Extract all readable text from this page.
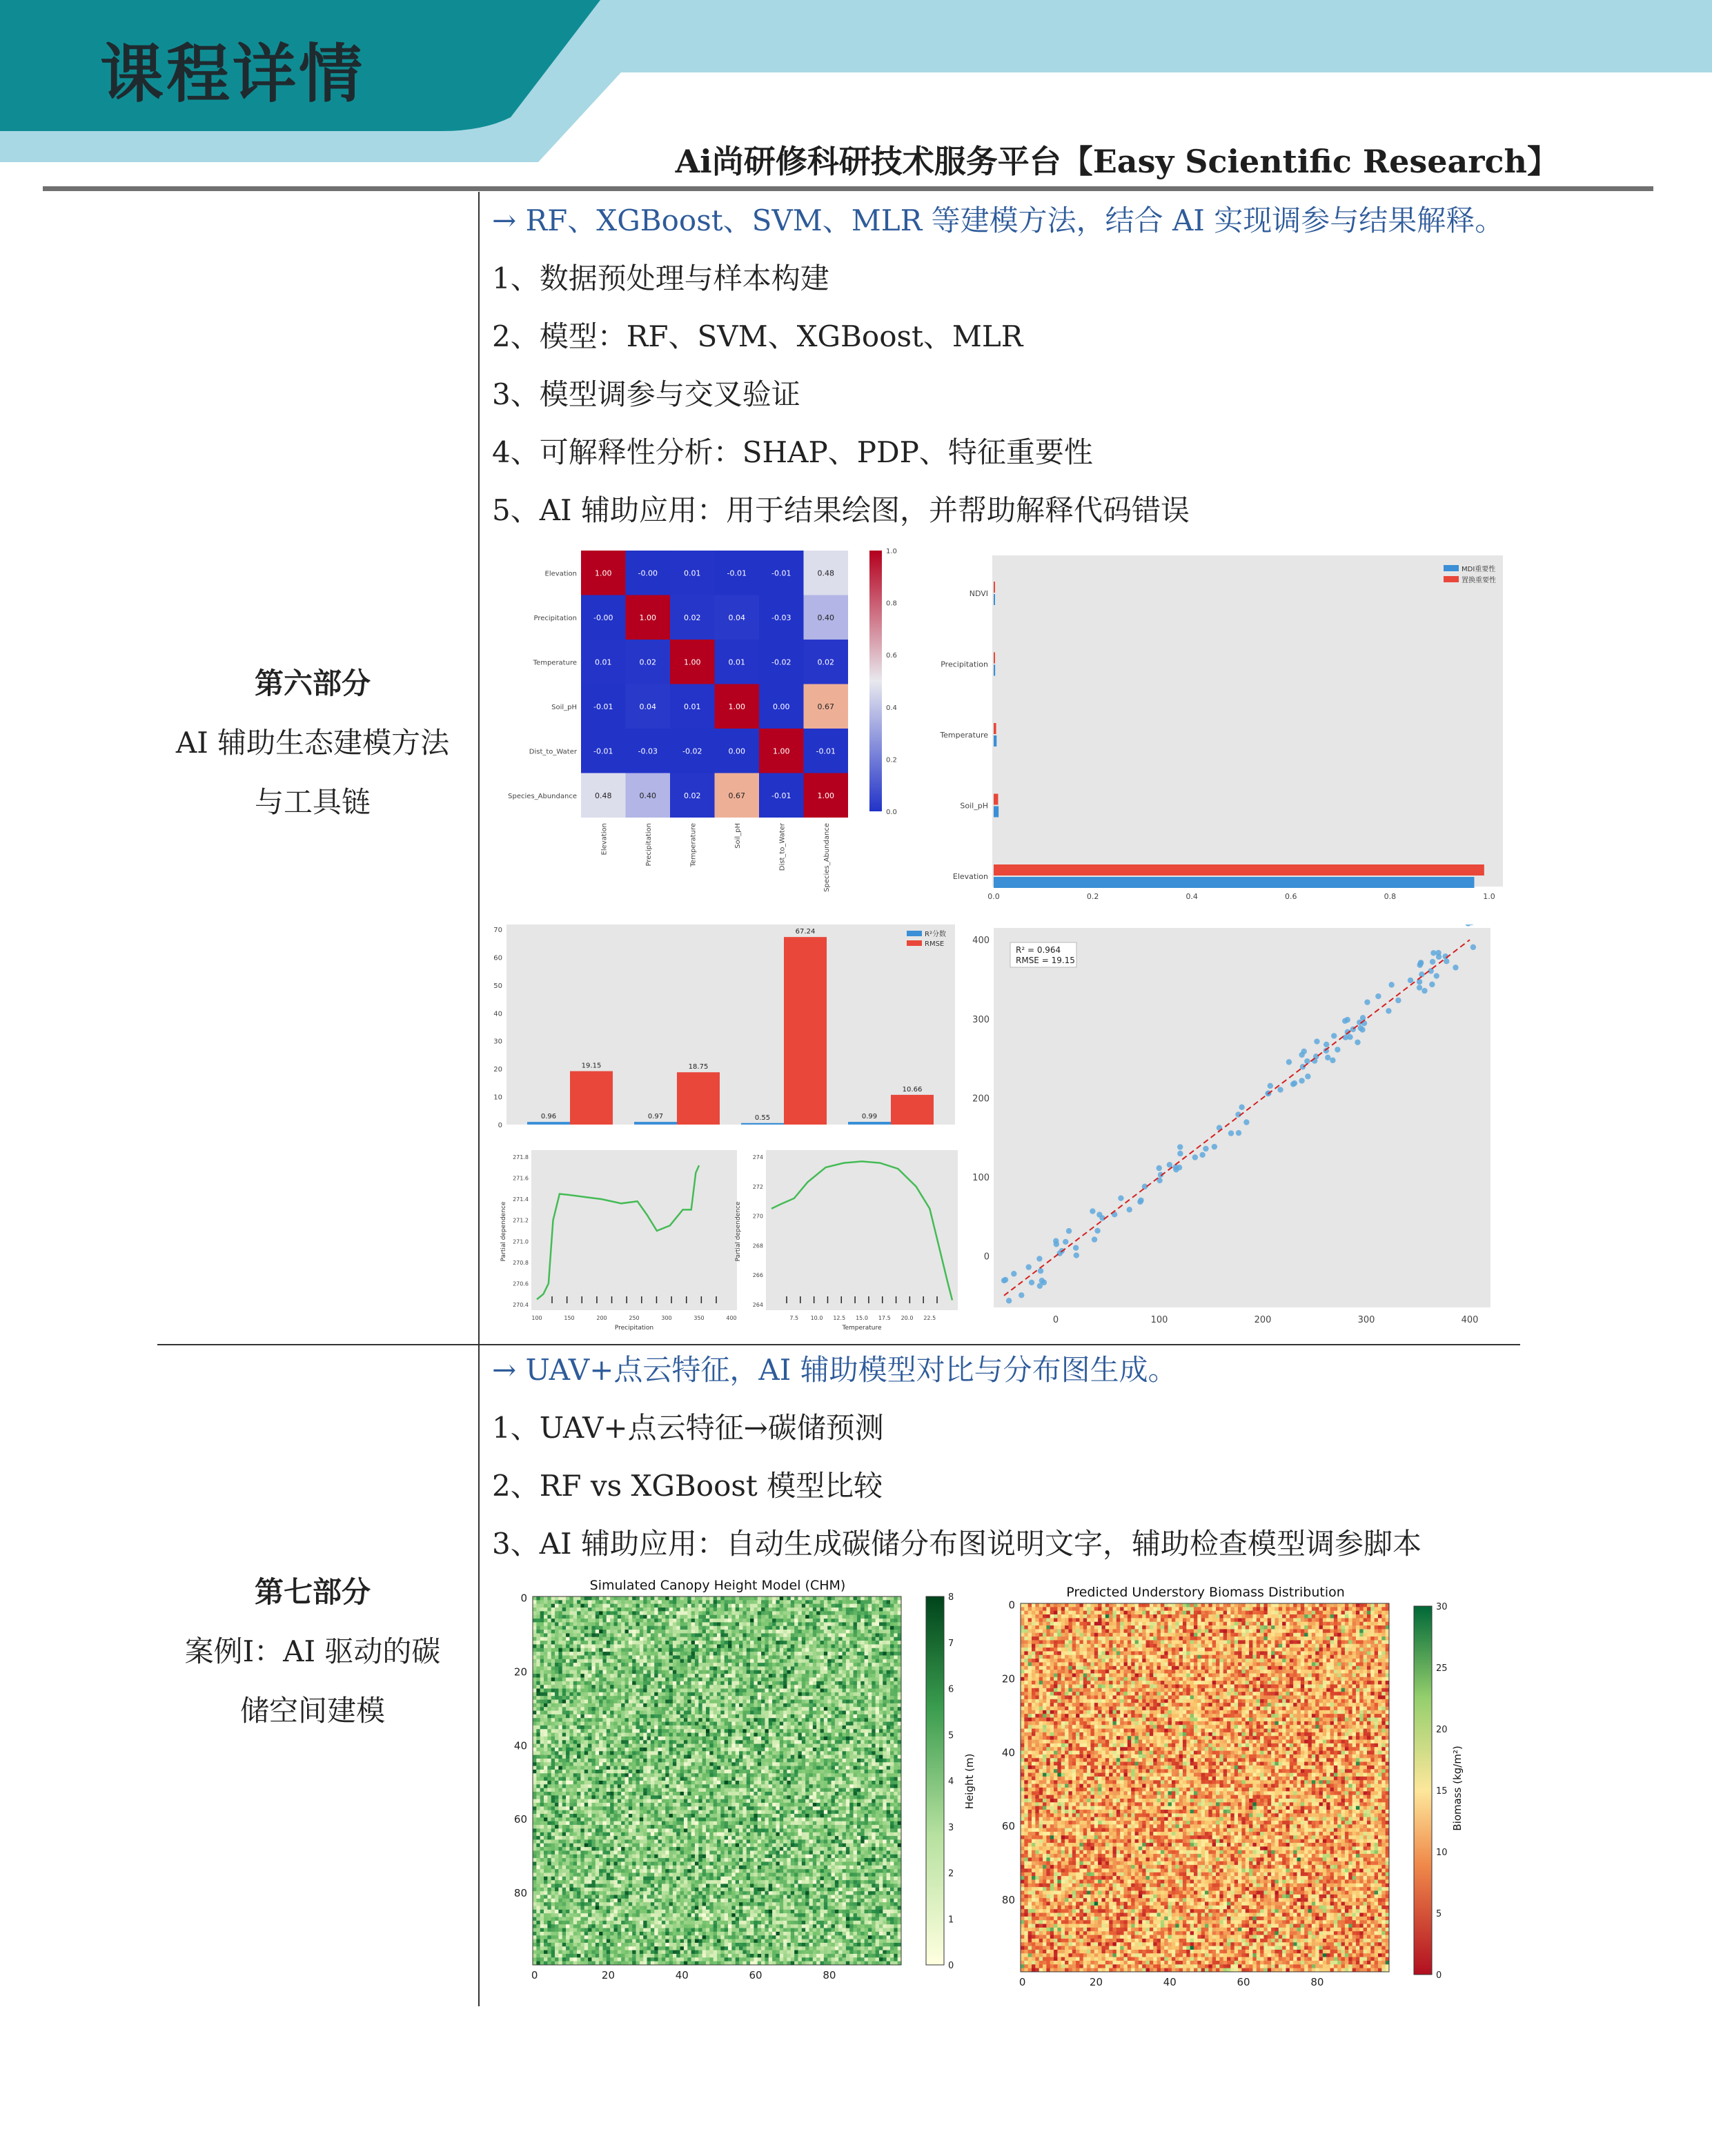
课程详情
Ai尚研修科研技术服务平台【Easy Scientific Research】
第六部分
AI 辅助生态建模方法
与工具链
→ RF、XGBoost、SVM、MLR 等建模方法，结合 AI 实现调参与结果解释。
1、数据预处理与样本构建
2、模型：RF、SVM、XGBoost、MLR
3、模型调参与交叉验证
4、可解释性分析：SHAP、PDP、特征重要性
5、AI 辅助应用：用于结果绘图，并帮助解释代码错误
1.00	-0.00	0.01	-0.01	-0.01	0.48
-0.00	1.00	0.02	0.04	-0.03	0.40
0.01	0.02	1.00	0.01	-0.02	0.02
-0.01	0.04	0.01	1.00	0.00	0.67
-0.01	-0.03	-0.02	0.00	1.00	-0.01
0.48	0.40	0.02	0.67	-0.01	1.00
Elevation
Precipitation
Temperature
Soil_pH
Dist_to_Water
Species_Abundance
Elevation	Precipitation	Temperature	Soil_pH	Dist_to_Water	Species_Abundance
1.0
0.8
0.6
0.4
0.2
0.0
NDVI
Precipitation
Temperature
Soil_pH
Elevation
0.0	0.2	0.4	0.6	0.8	1.0
MDI重要性
置换重要性
70
60
50
40
30
20
10
0
0.96
19.15
0.97
18.75
0.55
67.24
0.99
10.66
R²分数
RMSE
271.8
271.6
271.4
271.2
271.0
270.8
270.6
270.4
100	150	200	250	300	350	400
Precipitation
Partial dependence
274
272
270
268
266
264
7.5 10.0 12.5 15.0 17.5 20.0 22.5
Temperature
Partial dependence
0	100	200	300	400
400
300
200
100
0
R² = 0.964
RMSE = 19.15
第七部分
案例Ⅰ：AI 驱动的碳
储空间建模
→ UAV+点云特征，AI 辅助模型对比与分布图生成。
1、UAV+点云特征→碳储预测
2、RF vs XGBoost 模型比较
3、AI 辅助应用：自动生成碳储分布图说明文字，辅助检查模型调参脚本
Simulated Canopy Height Model (CHM)
0	20	40	60	80
0
20
40
60
80
8
7
6
5
4
3
2
1
0
Height (m)
Predicted Understory Biomass Distribution
0	20	40	60	80
0
20
40
60
80
30
25
20
15
10
5
0
Biomass (kg/m²)
